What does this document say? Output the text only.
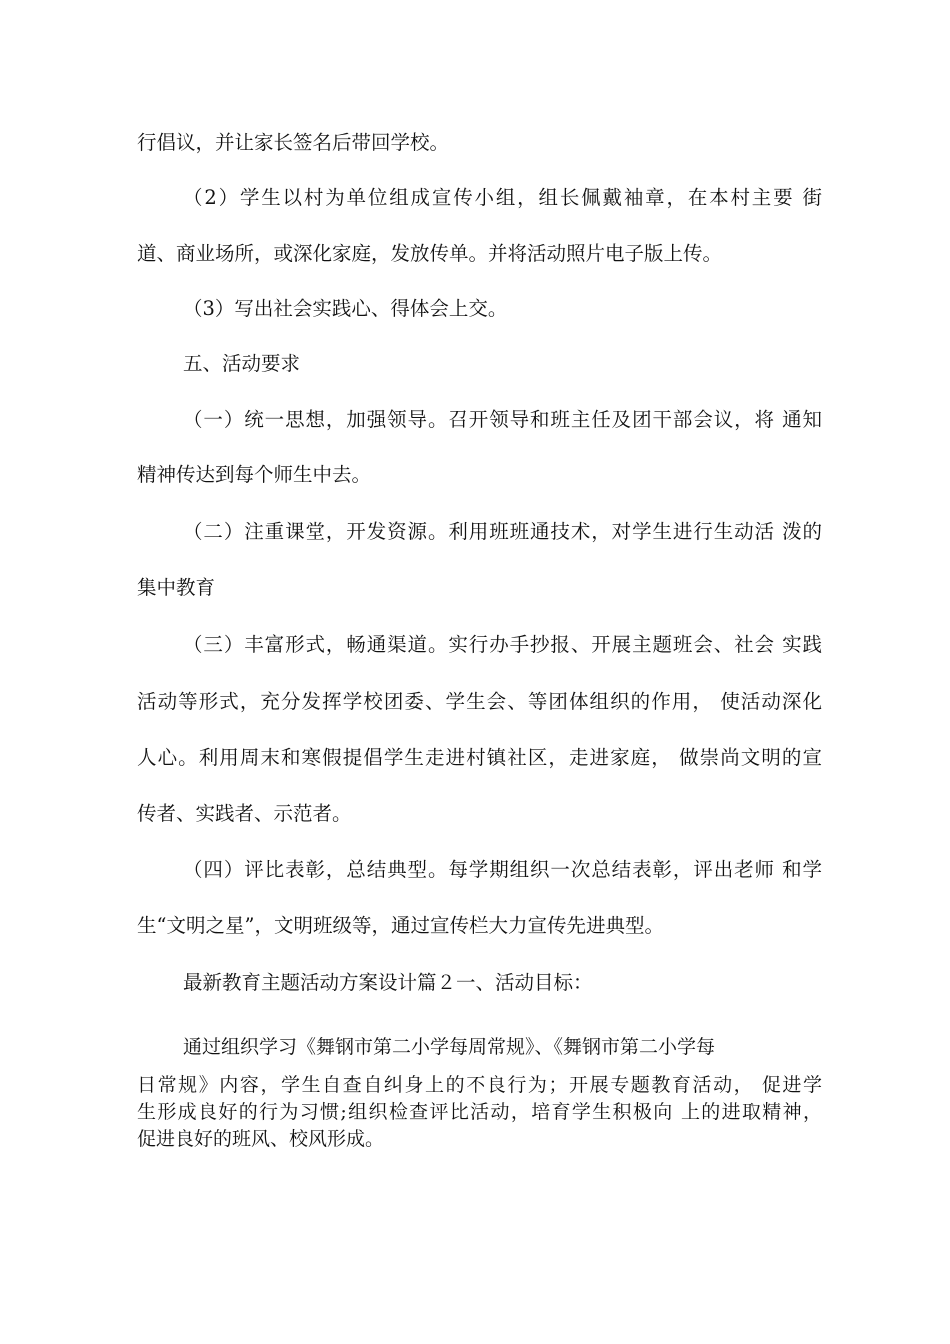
行倡议，并让家长签名后带回学校。
（2）学生以村为单位组成宣传小组，组长佩戴袖章，在本村主要 街
道、商业场所，或深化家庭，发放传单。并将活动照片电子版上传。
（3）写出社会实践心、得体会上交。
五、活动要求
（一）统一思想，加强领导。召开领导和班主任及团干部会议，将 通知
精神传达到每个师生中去。
（二）注重课堂，开发资源。利用班班通技术，对学生进行生动活 泼的
集中教育
（三）丰富形式，畅通渠道。实行办手抄报、开展主题班会、社会 实践
活动等形式，充分发挥学校团委、学生会、等团体组织的作用， 使活动深化
人心。利用周末和寒假提倡学生走进村镇社区，走进家庭， 做崇尚文明的宣
传者、实践者、示范者。
（四）评比表彰，总结典型。每学期组织一次总结表彰，评出老师 和学
生“文明之星”，文明班级等，通过宣传栏大力宣传先进典型。
最新教育主题活动方案设计篇２一、活动目标：
通过组织学习《舞钢市第二小学每周常规》、《舞钢市第二小学每
日常规》内容，学生自查自纠身上的不良行为；开展专题教育活动， 促进学
生形成良好的行为习惯;组织检查评比活动，培育学生积极向 上的进取精神，
促进良好的班风、校风形成。
